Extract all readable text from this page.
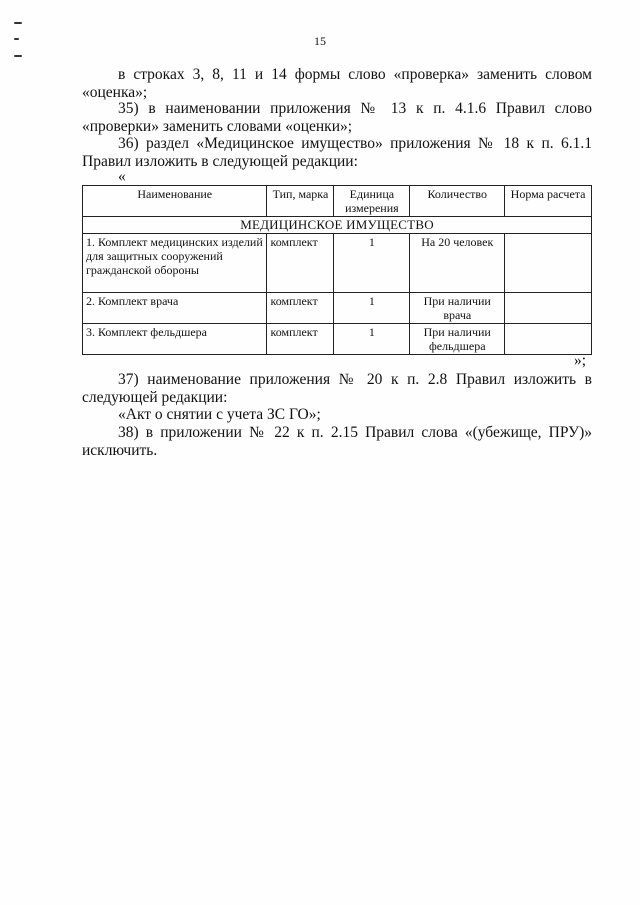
15
в строках 3, 8, 11 и 14 формы слово «проверка» заменить словом «оценка»;
35) в наименовании приложения № 13 к п. 4.1.6 Правил слово «проверки» заменить словами «оценки»;
36) раздел «Медицинское имущество» приложения № 18 к п. 6.1.1 Правил изложить в следующей редакции:
«
Наименование	Тип, марка	Единица измерения	Количество	Норма расчета
МЕДИЦИНСКОЕ ИМУЩЕСТВО				
1. Комплект медицинских изделий для защитных сооружений гражданской обороны	комплект	1	На 20 человек	
2. Комплект врача	комплект	1	При наличии врача	
3. Комплект фельдшера	комплект	1	При наличии фельдшера	
»;
37) наименование приложения № 20 к п. 2.8 Правил изложить в следующей редакции:
«Акт о снятии с учета ЗС ГО»;
38) в приложении № 22 к п. 2.15 Правил слова «(убежище, ПРУ)» исключить.
